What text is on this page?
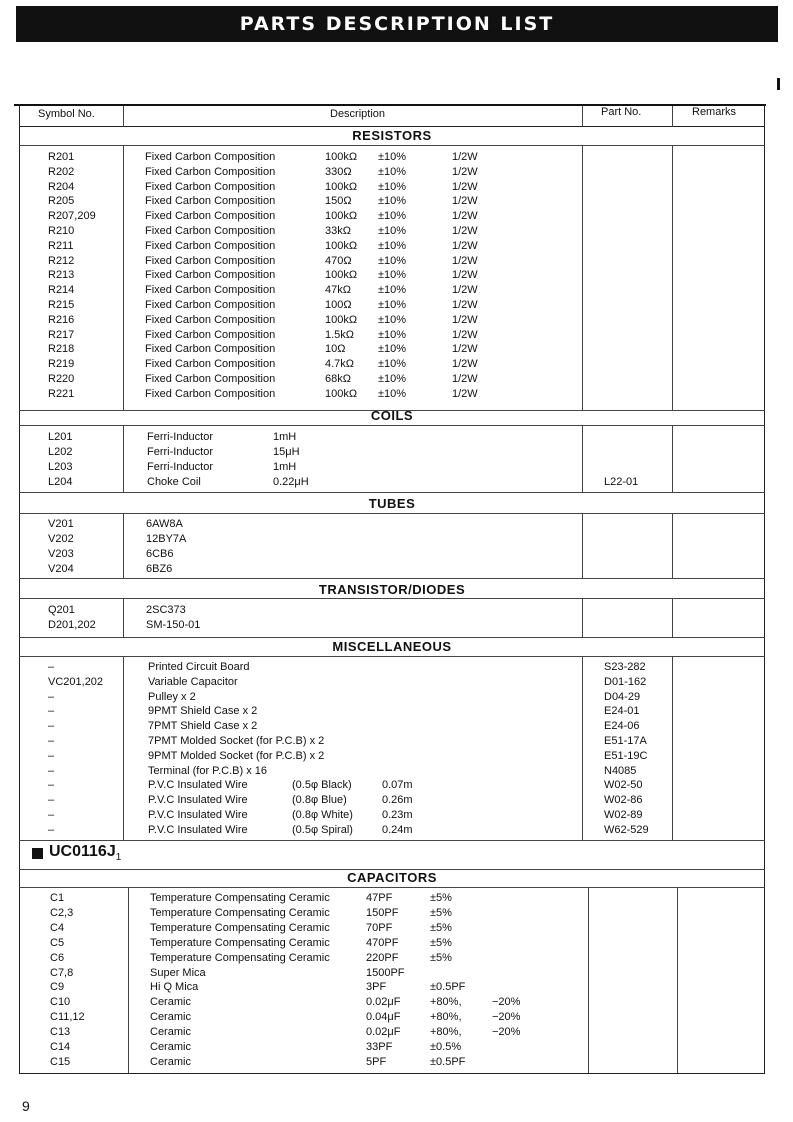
PARTS DESCRIPTION LIST
Symbol No.	Description	Part No.	Remarks
RESISTORS
R201	Fixed Carbon Composition	100kΩ ±10%	1/2W
R202	Fixed Carbon Composition	330Ω ±10%	1/2W
R204	Fixed Carbon Composition	100kΩ ±10%	1/2W
R205	Fixed Carbon Composition	150Ω ±10%	1/2W
R207,209	Fixed Carbon Composition	100kΩ ±10%	1/2W
R210	Fixed Carbon Composition	33kΩ ±10%	1/2W
R211	Fixed Carbon Composition	100kΩ ±10%	1/2W
R212	Fixed Carbon Composition	470Ω ±10%	1/2W
R213	Fixed Carbon Composition	100kΩ ±10%	1/2W
R214	Fixed Carbon Composition	47kΩ ±10%	1/2W
R215	Fixed Carbon Composition	100Ω ±10%	1/2W
R216	Fixed Carbon Composition	100kΩ ±10%	1/2W
R217	Fixed Carbon Composition	1.5kΩ ±10%	1/2W
R218	Fixed Carbon Composition	10Ω	±10%	1/2W
R219	Fixed Carbon Composition	4.7kΩ ±10%	1/2W
R220	Fixed Carbon Composition	68kΩ ±10%	1/2W
R221	Fixed Carbon Composition	100kΩ ±10%	1/2W
COILS
L201	Ferri-Inductor	1mH
L202	Ferri-Inductor	15μH
L203	Ferri-Inductor	1mH
L204	Choke Coil	0.22μH	L22-01
TUBES
V201	6AW8A
V202	12BY7A
V203	6CB6
V204	6BZ6
TRANSISTOR/DIODES
Q201	2SC373
D201,202	SM-150-01
MISCELLANEOUS
–	Printed Circuit Board	S23-282
VC201,202	Variable Capacitor	D01-162
–	Pulley x 2	D04-29
–	9PMT Shield Case x 2	E24-01
–	7PMT Shield Case x 2	E24-06
–	7PMT Molded Socket (for P.C.B) x 2	E51-17A
–	9PMT Molded Socket (for P.C.B) x 2	E51-19C
–	Terminal (for P.C.B) x 16	N4085
–	P.V.C Insulated Wire	(0.5φ Black)	0.07m	W02-50
–	P.V.C Insulated Wire	(0.8φ Blue)	0.26m	W02-86
–	P.V.C Insulated Wire	(0.8φ White)	0.23m	W02-89
–	P.V.C Insulated Wire	(0.5φ Spiral)	0.24m	W62-529
CAPACITORS
C1	Temperature Compensating Ceramic	47PF	±5%
C2,3	Temperature Compensating Ceramic	150PF	±5%
C4	Temperature Compensating Ceramic	70PF	±5%
C5	Temperature Compensating Ceramic	470PF	±5%
C6	Temperature Compensating Ceramic	220PF	±5%
C7,8	Super Mica	1500PF
C9	Hi Q Mica	3PF	±0.5PF
C10	Ceramic	0.02μF	+80%,	−20%
C11,12	Ceramic	0.04μF	+80%,	−20%
C13	Ceramic	0.02μF	+80%,	−20%
C14	Ceramic	33PF	±0.5%
C15	Ceramic	5PF	±0.5PF
$UC0116J_1$
9
